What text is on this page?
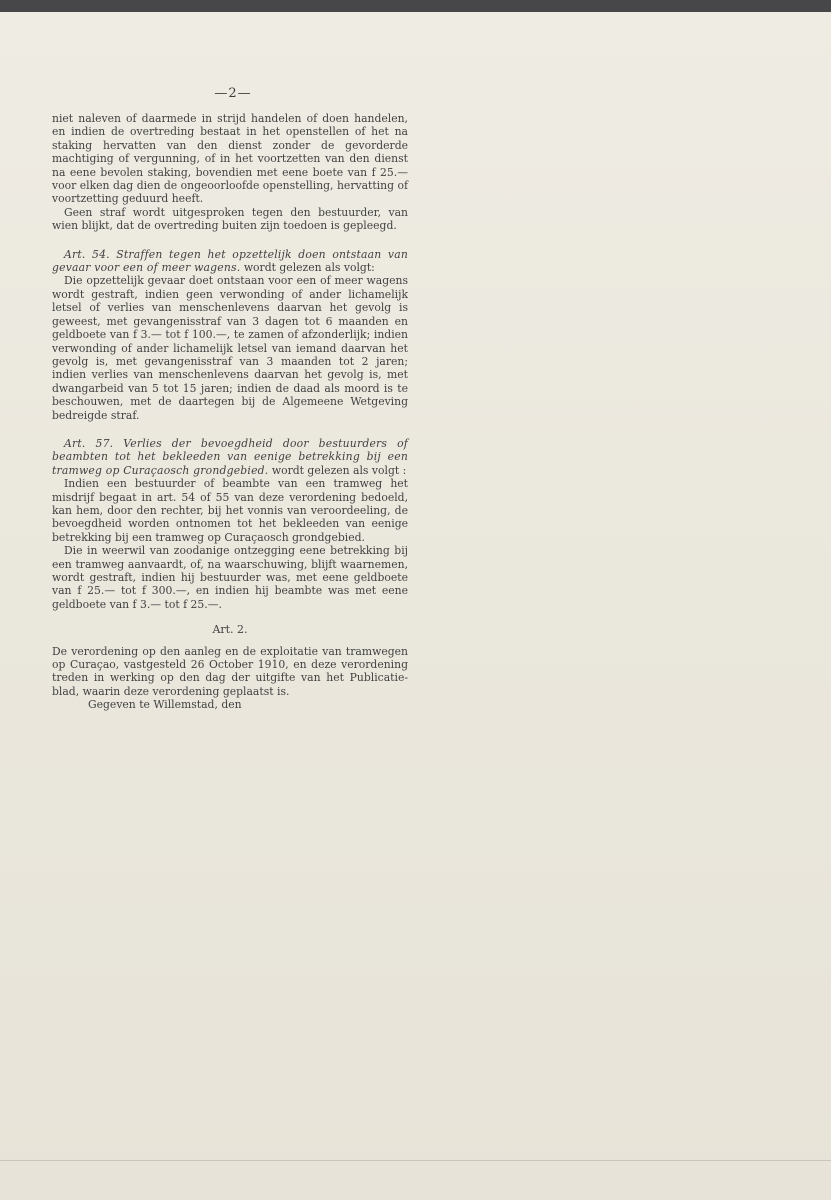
—2—

niet naleven of daarmede in strijd handelen of doen handelen, en indien de overtreding bestaat in het openstellen of het na staking hervatten van den dienst zonder de gevorderde machtiging of vergunning, of in het voortzetten van den dienst na eene bevolen staking, bovendien met eene boete van f 25.— voor elken dag dien de ongeoorloofde openstelling, hervatting of voortzetting geduurd heeft.

Geen straf wordt uitgesproken tegen den bestuurder, van wien blijkt, dat de overtreding buiten zijn toedoen is gepleegd.

Art. 54. Straffen tegen het opzettelijk doen ontstaan van gevaar voor een of meer wagens. wordt gelezen als volgt:

Die opzettelijk gevaar doet ontstaan voor een of meer wagens wordt gestraft, indien geen verwonding of ander lichamelijk letsel of verlies van menschenlevens daarvan het gevolg is geweest, met gevangenisstraf van 3 dagen tot 6 maanden en geldboete van f 3.— tot f 100.—, te zamen of afzonderlijk; indien verwonding of ander lichamelijk letsel van iemand daarvan het gevolg is, met gevangenisstraf van 3 maanden tot 2 jaren; indien verlies van menschenlevens daarvan het gevolg is, met dwangarbeid van 5 tot 15 jaren; indien de daad als moord is te beschouwen, met de daartegen bij de Algemeene Wetgeving bedreigde straf.

Art. 57. Verlies der bevoegdheid door bestuurders of beambten tot het bekleeden van eenige betrekking bij een tramweg op Curaçaosch grondgebied. wordt gelezen als volgt :

Indien een bestuurder of beambte van een tramweg het misdrijf begaat in art. 54 of 55 van deze verordening bedoeld, kan hem, door den rechter, bij het vonnis van veroordeeling, de bevoegdheid worden ontnomen tot het bekleeden van eenige betrekking bij een tramweg op Curaçaosch grondgebied.

Die in weerwil van zoodanige ontzegging eene betrekking bij een tramweg aanvaardt, of, na waarschuwing, blijft waarnemen, wordt gestraft, indien hij bestuurder was, met eene geldboete van f 25.— tot f 300.—, en indien hij beambte was met eene geldboete van f 3.— tot f 25.—.

Art. 2.

De verordening op den aanleg en de exploitatie van tramwegen op Curaçao, vastgesteld 26 October 1910, en deze verordening treden in werking op den dag der uitgifte van het Publicatie-blad, waarin deze verordening geplaatst is.

Gegeven te Willemstad, den
